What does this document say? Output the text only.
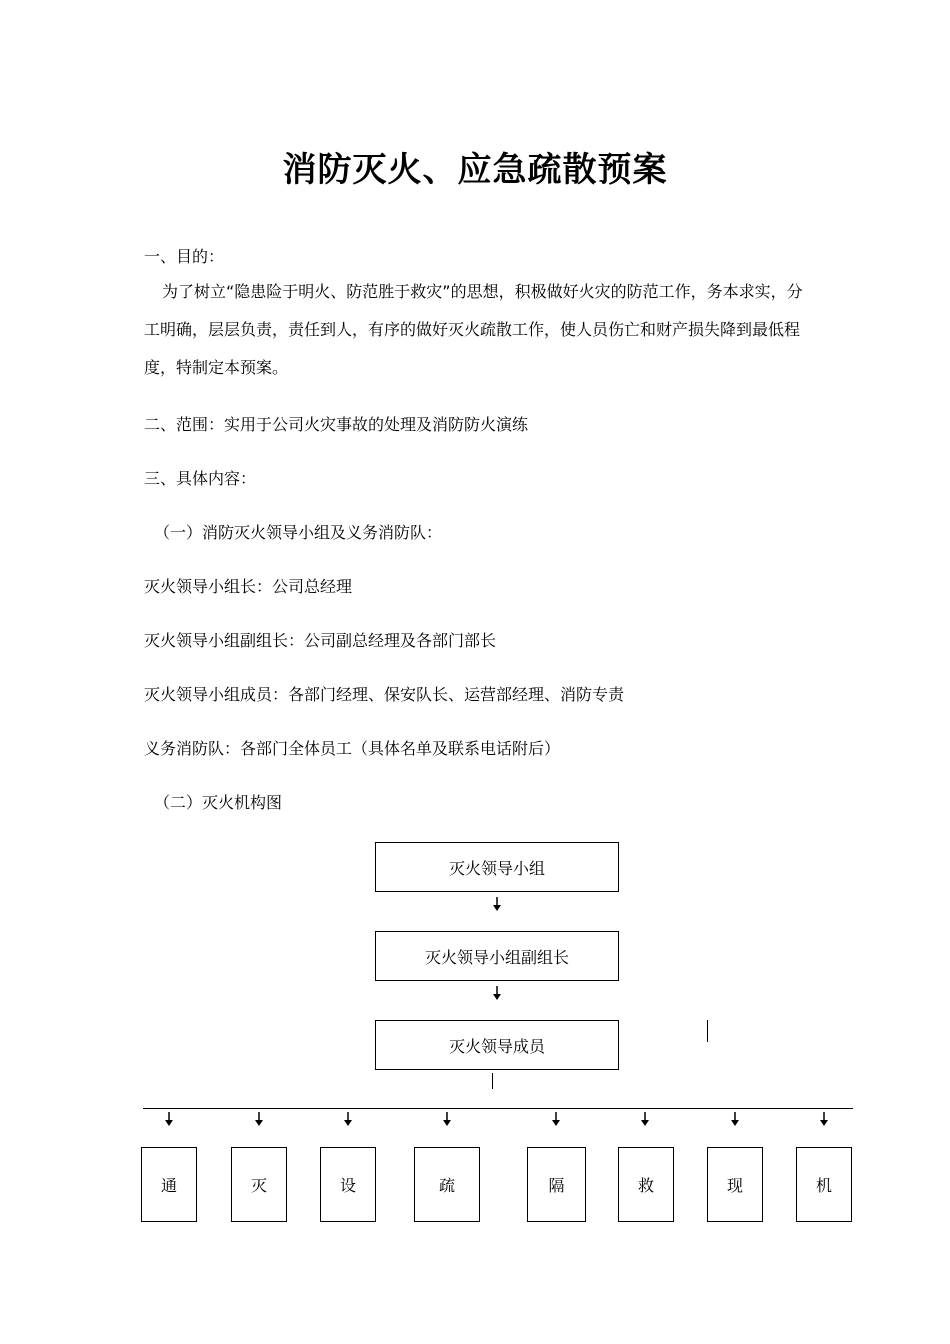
消防灭火、应急疏散预案
一、目的：
为了树立“隐患险于明火、防范胜于救灾”的思想，积极做好火灾的防范工作，务本求实，分工明确，层层负责，责任到人，有序的做好灭火疏散工作，使人员伤亡和财产损失降到最低程度，特制定本预案。
二、范围：实用于公司火灾事故的处理及消防防火演练
三、具体内容：
（一）消防灭火领导小组及义务消防队：
灭火领导小组长：公司总经理
灭火领导小组副组长：公司副总经理及各部门部长
灭火领导小组成员：各部门经理、保安队长、运营部经理、消防专责
义务消防队：各部门全体员工（具体名单及联系电话附后）
（二）灭火机构图
灭火领导小组
灭火领导小组副组长
灭火领导成员
通	灭	设	疏	隔	救	现	机
